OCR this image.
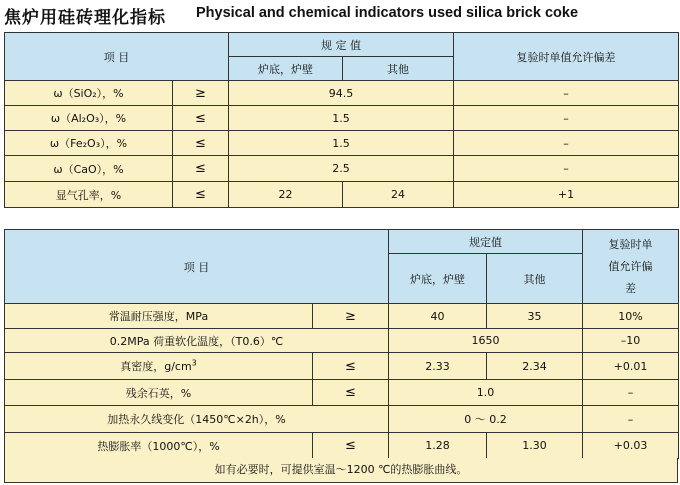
焦炉用硅砖理化指标 Physical and chemical indicators used silica brick coke
项 目		规 定 值		复验时单值允许偏差
		炉底，炉壁	其他	
ω（SiO₂），%	≥	94.5		–
ω（Al₂O₃），%	≤	1.5		–
ω（Fe₂O₃），%	≤	1.5		–
ω（CaO），%	≤	2.5		–
显气孔率，%	≤	22	24	+1
项 目		规定值		复验时单
值允许偏
差

		炉底，炉壁	其他	
常温耐压强度，MPa	≥	40	35	10%
0.2MPa 荷重软化温度，（T0.6）℃		1650		–10
真密度，$g/cm^3$	≤	2.33	2.34	+0.01
残余石英，%	≤	1.0		–
加热永久线变化（1450℃×2h），%		0 ～ 0.2		–
热膨胀率（1000℃），%	≤	1.28	1.30	+0.03
如有必要时，可提供室温～1200 ℃的热膨胀曲线。
